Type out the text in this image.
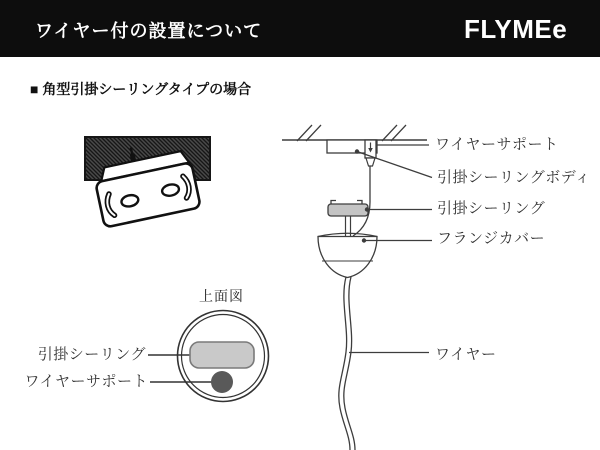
ワイヤー付の設置について	FLYMEe
■ 角型引掛シーリングタイプの場合
上面図
引掛シーリング
ワイヤーサポート
ワイヤーサポート
引掛シーリングボディ
引掛シーリング
フランジカバー
ワイヤー
